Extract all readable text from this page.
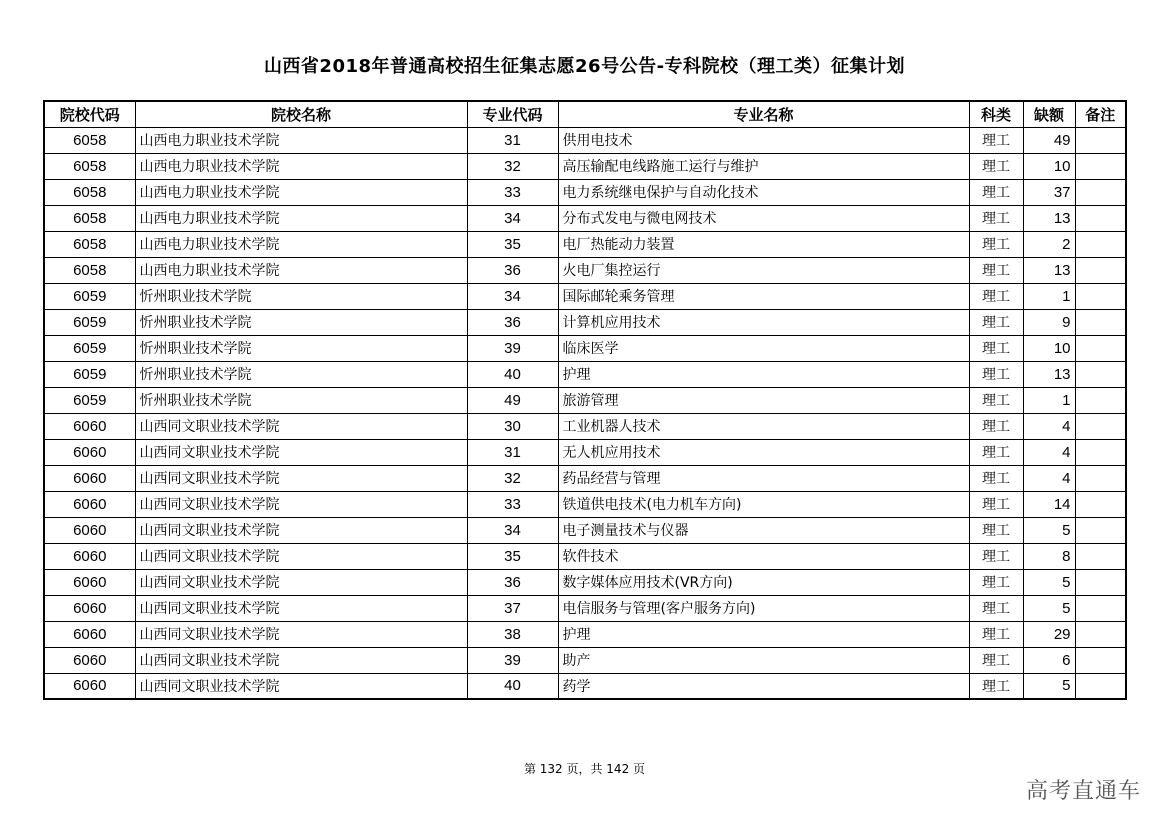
山西省2018年普通高校招生征集志愿26号公告-专科院校（理工类）征集计划
院校代码	院校名称	专业代码	专业名称	科类	缺额	备注
6058	山西电力职业技术学院	31	供用电技术	理工	49	
6058	山西电力职业技术学院	32	高压输配电线路施工运行与维护	理工	10	
6058	山西电力职业技术学院	33	电力系统继电保护与自动化技术	理工	37	
6058	山西电力职业技术学院	34	分布式发电与微电网技术	理工	13	
6058	山西电力职业技术学院	35	电厂热能动力装置	理工	2	
6058	山西电力职业技术学院	36	火电厂集控运行	理工	13	
6059	忻州职业技术学院	34	国际邮轮乘务管理	理工	1	
6059	忻州职业技术学院	36	计算机应用技术	理工	9	
6059	忻州职业技术学院	39	临床医学	理工	10	
6059	忻州职业技术学院	40	护理	理工	13	
6059	忻州职业技术学院	49	旅游管理	理工	1	
6060	山西同文职业技术学院	30	工业机器人技术	理工	4	
6060	山西同文职业技术学院	31	无人机应用技术	理工	4	
6060	山西同文职业技术学院	32	药品经营与管理	理工	4	
6060	山西同文职业技术学院	33	铁道供电技术(电力机车方向)	理工	14	
6060	山西同文职业技术学院	34	电子测量技术与仪器	理工	5	
6060	山西同文职业技术学院	35	软件技术	理工	8	
6060	山西同文职业技术学院	36	数字媒体应用技术(VR方向)	理工	5	
6060	山西同文职业技术学院	37	电信服务与管理(客户服务方向)	理工	5	
6060	山西同文职业技术学院	38	护理	理工	29	
6060	山西同文职业技术学院	39	助产	理工	6	
6060	山西同文职业技术学院	40	药学	理工	5	
第 132 页，共 142 页
高考直通车
